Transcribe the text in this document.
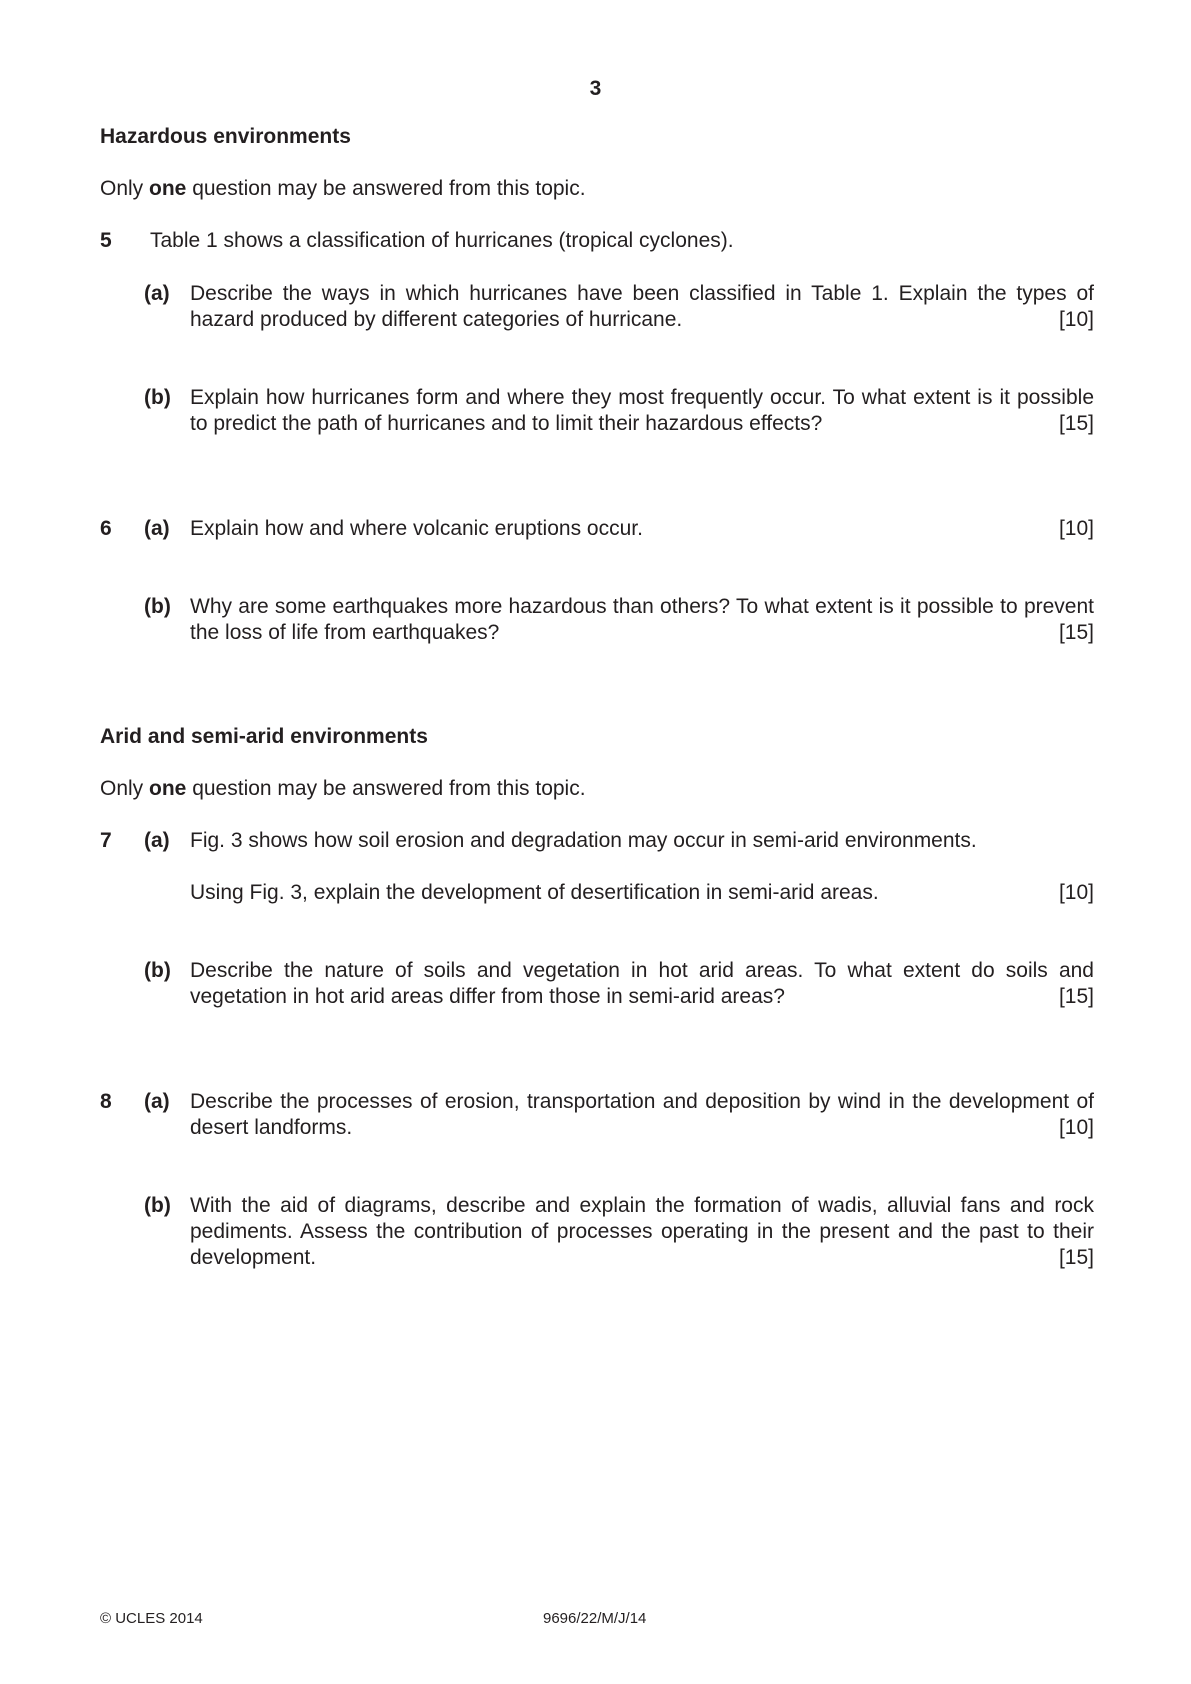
3
Hazardous environments
Only one question may be answered from this topic.
5 Table 1 shows a classification of hurricanes (tropical cyclones).
(a) Describe the ways in which hurricanes have been classified in Table 1. Explain the types of hazard produced by different categories of hurricane.	[10]
(b) Explain how hurricanes form and where they most frequently occur. To what extent is it possible to predict the path of hurricanes and to limit their hazardous effects?	[15]
6 (a) Explain how and where volcanic eruptions occur.	[10]
(b) Why are some earthquakes more hazardous than others? To what extent is it possible to prevent the loss of life from earthquakes?	[15]
Arid and semi-arid environments
Only one question may be answered from this topic.
7 (a) Fig. 3 shows how soil erosion and degradation may occur in semi-arid environments.
Using Fig. 3, explain the development of desertification in semi-arid areas.	[10]
(b) Describe the nature of soils and vegetation in hot arid areas. To what extent do soils and vegetation in hot arid areas differ from those in semi-arid areas?	[15]
8 (a) Describe the processes of erosion, transportation and deposition by wind in the development of desert landforms.	[10]
(b) With the aid of diagrams, describe and explain the formation of wadis, alluvial fans and rock pediments. Assess the contribution of processes operating in the present and the past to their development.	[15]
© UCLES 2014	9696/22/M/J/14
